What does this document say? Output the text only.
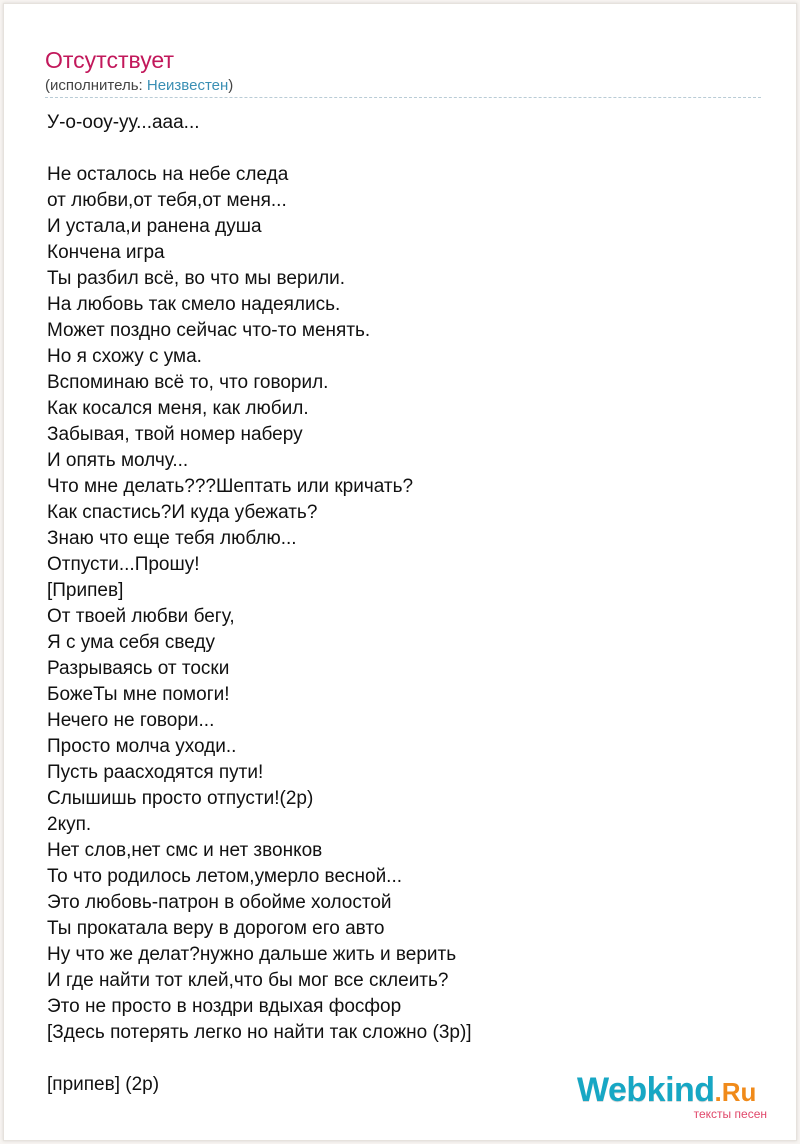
Отсутствует
(исполнитель: Неизвестен)
У-о-ооу-уу...ааа...
Не осталось на небе следа
от любви,от тебя,от меня...
И устала,и ранена душа
Кончена игра
Ты разбил всё, во что мы верили.
На любовь так смело надеялись.
Может поздно сейчас что-то менять.
Но я схожу с ума.
Вспоминаю всё то, что говорил.
Как косался меня, как любил.
Забывая, твой номер наберу
И опять молчу...
Что мне делать???Шептать или кричать?
Как спастись?И куда убежать?
Знаю что еще тебя люблю...
Отпусти...Прошу!
[Припев]
От твоей любви бегу,
Я с ума себя сведу
Разрываясь от тоски
БожеТы мне помоги!
Нечего не говори...
Просто молча уходи..
Пусть раасходятся пути!
Слышишь просто отпусти!(2р)
2куп.
Нет слов,нет смс и нет звонков
То что родилось летом,умерло весной...
Это любовь-патрон в обойме холостой
Ты прокатала веру в дорогом его авто
Ну что же делат?нужно дальше жить и верить
И где найти тот клей,что бы мог все склеить?
Это не просто в ноздри вдыхая фосфор
[Здесь потерять легко но найти так сложно (3р)]
[припев] (2р)	Webkind.Ru
тексты песен
